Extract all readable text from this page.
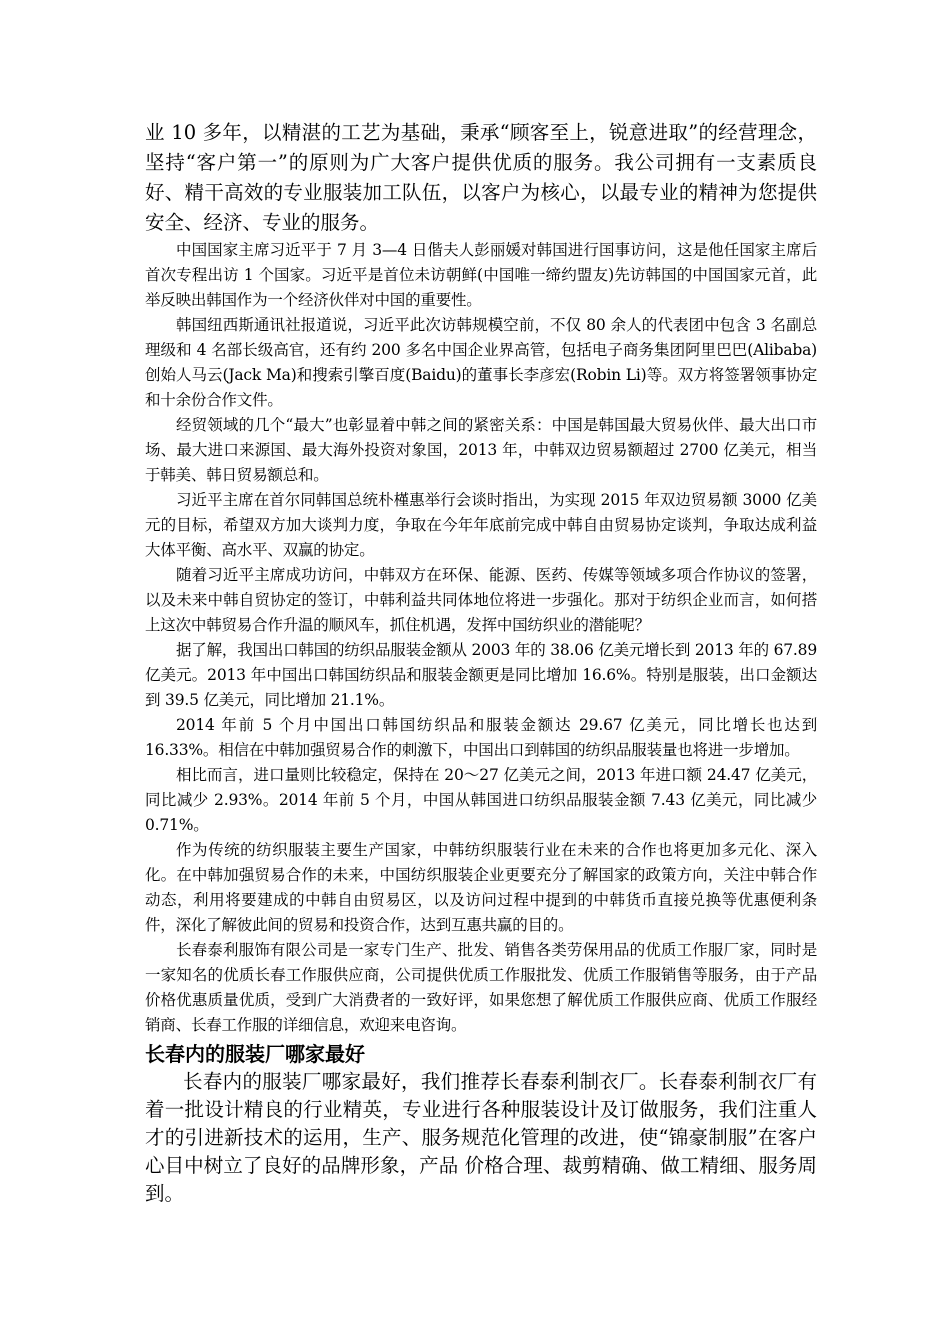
业 10 多年，以精湛的工艺为基础，秉承“顾客至上，锐意进取”的经营理念，坚持“客户第一”的原则为广大客户提供优质的服务。我公司拥有一支素质良好、精干高效的专业服装加工队伍，以客户为核心，以最专业的精神为您提供安全、经济、专业的服务。

中国国家主席习近平于 7 月 3—4 日偕夫人彭丽媛对韩国进行国事访问，这是他任国家主席后首次专程出访 1 个国家。习近平是首位未访朝鲜(中国唯一缔约盟友)先访韩国的中国国家元首，此举反映出韩国作为一个经济伙伴对中国的重要性。

韩国纽西斯通讯社报道说，习近平此次访韩规模空前，不仅 80 余人的代表团中包含 3 名副总理级和 4 名部长级高官，还有约 200 多名中国企业界高管，包括电子商务集团阿里巴巴(Alibaba)创始人马云(Jack Ma)和搜索引擎百度(Baidu)的董事长李彦宏(Robin Li)等。双方将签署领事协定和十余份合作文件。

经贸领域的几个“最大”也彰显着中韩之间的紧密关系：中国是韩国最大贸易伙伴、最大出口市场、最大进口来源国、最大海外投资对象国，2013 年，中韩双边贸易额超过 2700 亿美元，相当于韩美、韩日贸易额总和。

习近平主席在首尔同韩国总统朴槿惠举行会谈时指出，为实现 2015 年双边贸易额 3000 亿美元的目标，希望双方加大谈判力度，争取在今年年底前完成中韩自由贸易协定谈判，争取达成利益大体平衡、高水平、双赢的协定。

随着习近平主席成功访问，中韩双方在环保、能源、医药、传媒等领域多项合作协议的签署，以及未来中韩自贸协定的签订，中韩利益共同体地位将进一步强化。那对于纺织企业而言，如何搭上这次中韩贸易合作升温的顺风车，抓住机遇，发挥中国纺织业的潜能呢？

据了解，我国出口韩国的纺织品服装金额从 2003 年的 38.06 亿美元增长到 2013 年的 67.89 亿美元。2013 年中国出口韩国纺织品和服装金额更是同比增加 16.6%。特别是服装，出口金额达到 39.5 亿美元，同比增加 21.1%。

2014 年前 5 个月中国出口韩国纺织品和服装金额达 29.67 亿美元，同比增长也达到 16.33%。相信在中韩加强贸易合作的刺激下，中国出口到韩国的纺织品服装量也将进一步增加。

相比而言，进口量则比较稳定，保持在 20～27 亿美元之间，2013 年进口额 24.47 亿美元，同比减少 2.93%。2014 年前 5 个月，中国从韩国进口纺织品服装金额 7.43 亿美元，同比减少 0.71%。

作为传统的纺织服装主要生产国家，中韩纺织服装行业在未来的合作也将更加多元化、深入化。在中韩加强贸易合作的未来，中国纺织服装企业更要充分了解国家的政策方向，关注中韩合作动态，利用将要建成的中韩自由贸易区，以及访问过程中提到的中韩货币直接兑换等优惠便利条件，深化了解彼此间的贸易和投资合作，达到互惠共赢的目的。

长春泰利服饰有限公司是一家专门生产、批发、销售各类劳保用品的优质工作服厂家，同时是一家知名的优质长春工作服供应商，公司提供优质工作服批发、优质工作服销售等服务，由于产品价格优惠质量优质，受到广大消费者的一致好评，如果您想了解优质工作服供应商、优质工作服经销商、长春工作服的详细信息，欢迎来电咨询。

长春内的服装厂哪家最好

长春内的服装厂哪家最好，我们推荐长春泰利制衣厂。长春泰利制衣厂有着一批设计精良的行业精英，专业进行各种服装设计及订做服务，我们注重人才的引进新技术的运用，生产、服务规范化管理的改进，使“锦豪制服”在客户心目中树立了良好的品牌形象，产品 价格合理、裁剪精确、做工精细、服务周到。
